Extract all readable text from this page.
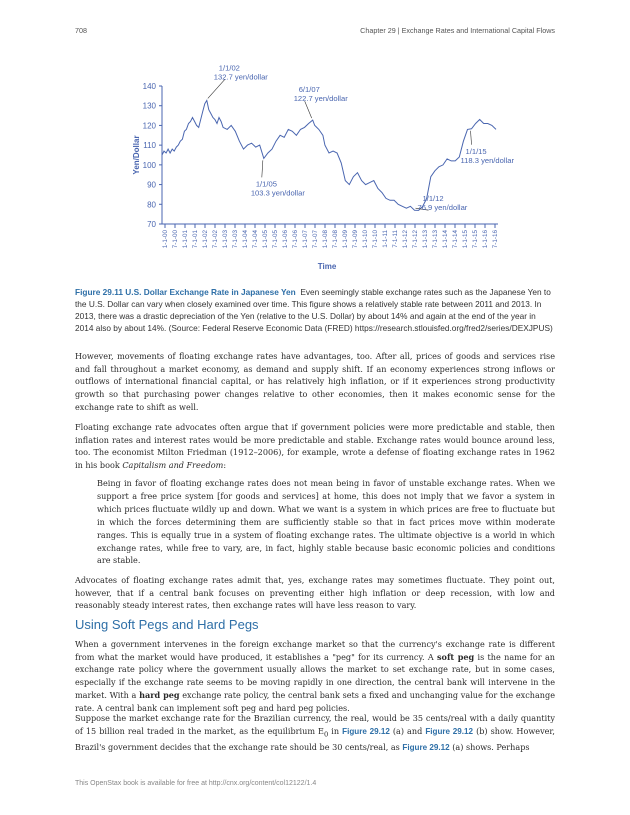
708	Chapter 29 | Exchange Rates and International Capital Flows
Yen/Dollar
Time
70
80
90
100
110
120
130
140
1-1-00 7-1-00 1-1-01 7-1-01 1-1-02 7-1-02 1-1-03 7-1-03 1-1-04 7-1-04 1-1-05 7-1-05 1-1-06 7-1-06 1-1-07 7-1-07 1-1-08 7-1-08 1-1-09 7-1-09 1-1-10 7-1-10 1-1-11 7-1-11 1-1-12 7-1-12 1-1-13 7-1-13 1-1-14 7-1-14 1-1-15 7-1-15 1-1-16 7-1-16
1/1/02
132.7 yen/dollar
6/1/07
122.7 yen/dollar
1/1/05
103.3 yen/dollar
1/1/12
76.9 yen/dollar
1/1/15
118.3 yen/dollar

Figure 29.11 U.S. Dollar Exchange Rate in Japanese Yen Even seemingly stable exchange rates such as the Japanese Yen to the U.S. Dollar can vary when closely examined over time. This figure shows a relatively stable rate between 2011 and 2013. In 2013, there was a drastic depreciation of the Yen (relative to the U.S. Dollar) by about 14% and again at the end of the year in 2014 also by about 14%. (Source: Federal Reserve Economic Data (FRED) https://research.stlouisfed.org/fred2/series/DEXJPUS)

However, movements of floating exchange rates have advantages, too. After all, prices of goods and services rise and fall throughout a market economy, as demand and supply shift. If an economy experiences strong inflows or outflows of international financial capital, or has relatively high inflation, or if it experiences strong productivity growth so that purchasing power changes relative to other economies, then it makes economic sense for the exchange rate to shift as well.

Floating exchange rate advocates often argue that if government policies were more predictable and stable, then inflation rates and interest rates would be more predictable and stable. Exchange rates would bounce around less, too. The economist Milton Friedman (1912–2006), for example, wrote a defense of floating exchange rates in 1962 in his book Capitalism and Freedom:

Being in favor of floating exchange rates does not mean being in favor of unstable exchange rates. When we support a free price system [for goods and services] at home, this does not imply that we favor a system in which prices fluctuate wildly up and down. What we want is a system in which prices are free to fluctuate but in which the forces determining them are sufficiently stable so that in fact prices move within moderate ranges. This is equally true in a system of floating exchange rates. The ultimate objective is a world in which exchange rates, while free to vary, are, in fact, highly stable because basic economic policies and conditions are stable.

Advocates of floating exchange rates admit that, yes, exchange rates may sometimes fluctuate. They point out, however, that if a central bank focuses on preventing either high inflation or deep recession, with low and reasonably steady interest rates, then exchange rates will have less reason to vary.

Using Soft Pegs and Hard Pegs

When a government intervenes in the foreign exchange market so that the currency's exchange rate is different from what the market would have produced, it establishes a "peg" for its currency. A soft peg is the name for an exchange rate policy where the government usually allows the market to set exchange rate, but in some cases, especially if the exchange rate seems to be moving rapidly in one direction, the central bank will intervene in the market. With a hard peg exchange rate policy, the central bank sets a fixed and unchanging value for the exchange rate. A central bank can implement soft peg and hard peg policies.

Suppose the market exchange rate for the Brazilian currency, the real, would be 35 cents/real with a daily quantity of 15 billion real traded in the market, as the equilibrium $E_0$ in Figure 29.12 (a) and Figure 29.12 (b) show. However, Brazil's government decides that the exchange rate should be 30 cents/real, as Figure 29.12 (a) shows. Perhaps

This OpenStax book is available for free at http://cnx.org/content/col12122/1.4
